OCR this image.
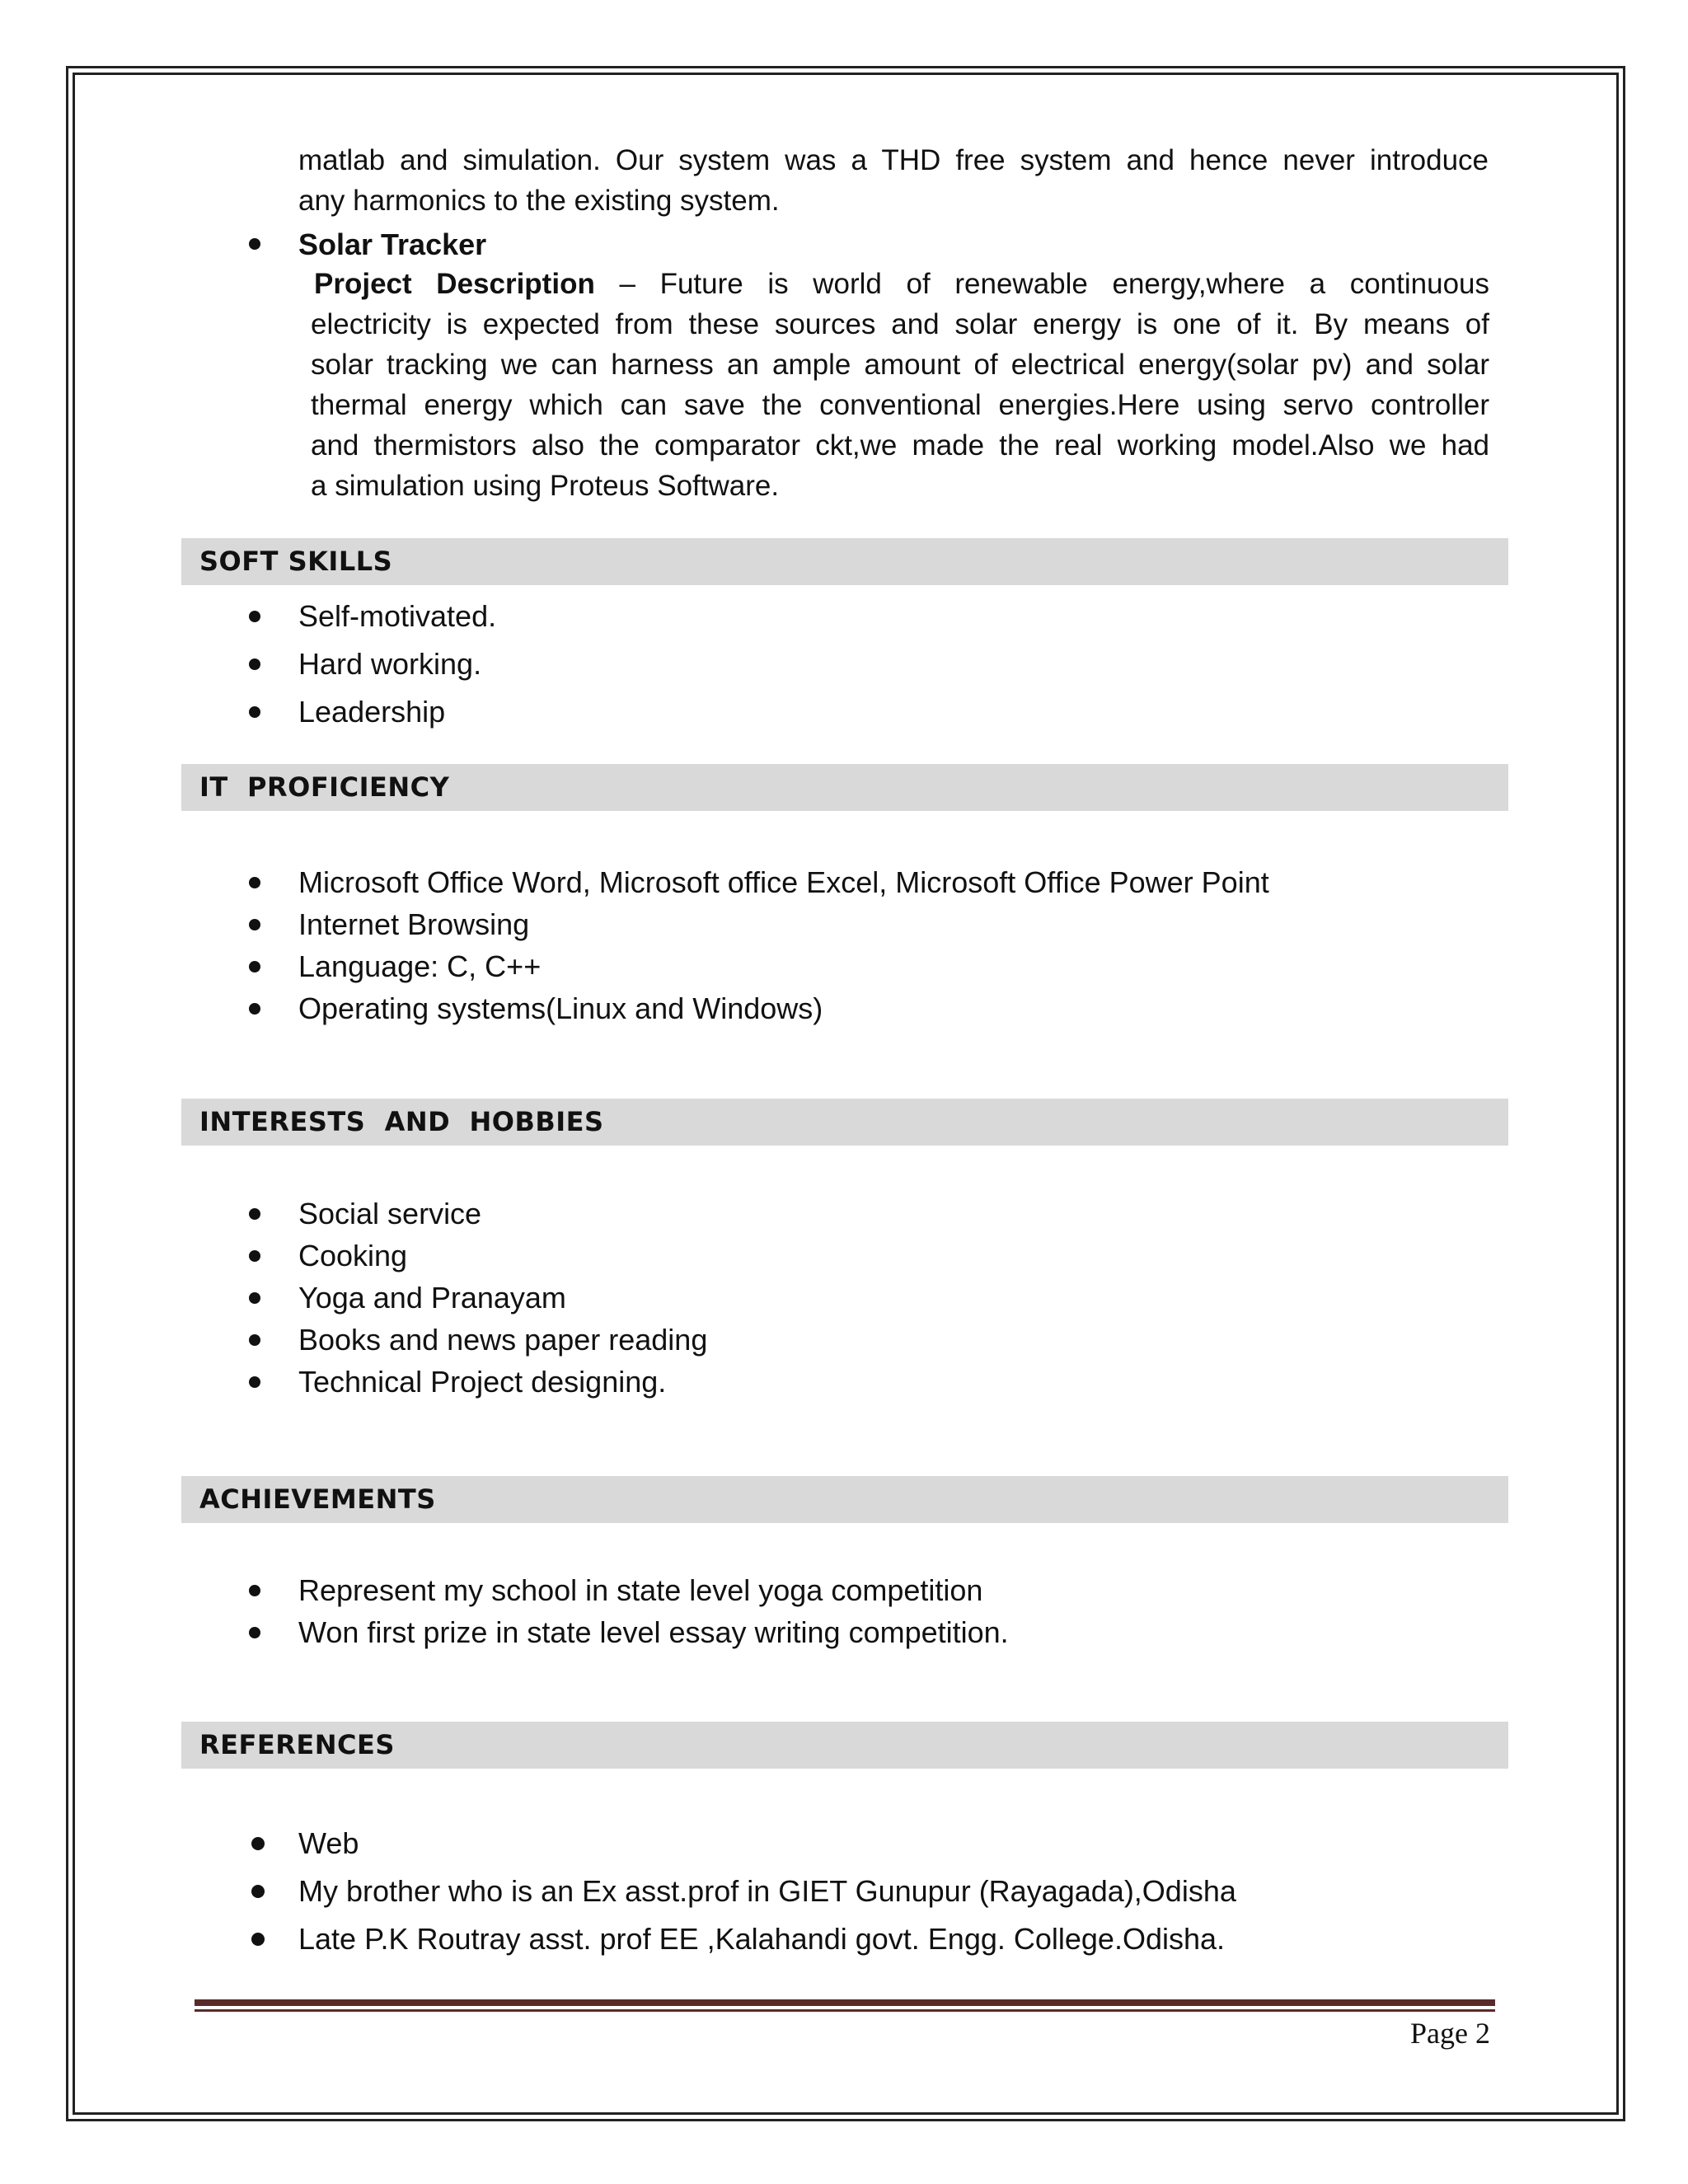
matlab and simulation. Our system was a THD free system and hence never introduce
any harmonics to the existing system.
Solar Tracker
Project Description – Future is world of renewable energy,where a continuous
electricity is expected from these sources and solar energy is one of it. By means of
solar tracking we can harness an ample amount of electrical energy(solar pv) and solar
thermal energy which can save the conventional energies.Here using servo controller
and thermistors also the comparator ckt,we made the real working model.Also we had
a simulation using Proteus Software.
SOFT SKILLS
Self-motivated.
Hard working.
Leadership
IT  PROFICIENCY
Microsoft Office Word, Microsoft office Excel, Microsoft Office Power Point
Internet Browsing
Language: C, C++
Operating systems(Linux and Windows)
INTERESTS  AND  HOBBIES
Social service
Cooking
Yoga and Pranayam
Books and news paper reading
Technical Project designing.
ACHIEVEMENTS
Represent my school in state level yoga competition
Won first prize in state level essay writing competition.
REFERENCES
Web
My brother who is an Ex asst.prof in GIET Gunupur (Rayagada),Odisha
Late P.K Routray asst. prof EE ,Kalahandi govt. Engg. College.Odisha.
Page 2
